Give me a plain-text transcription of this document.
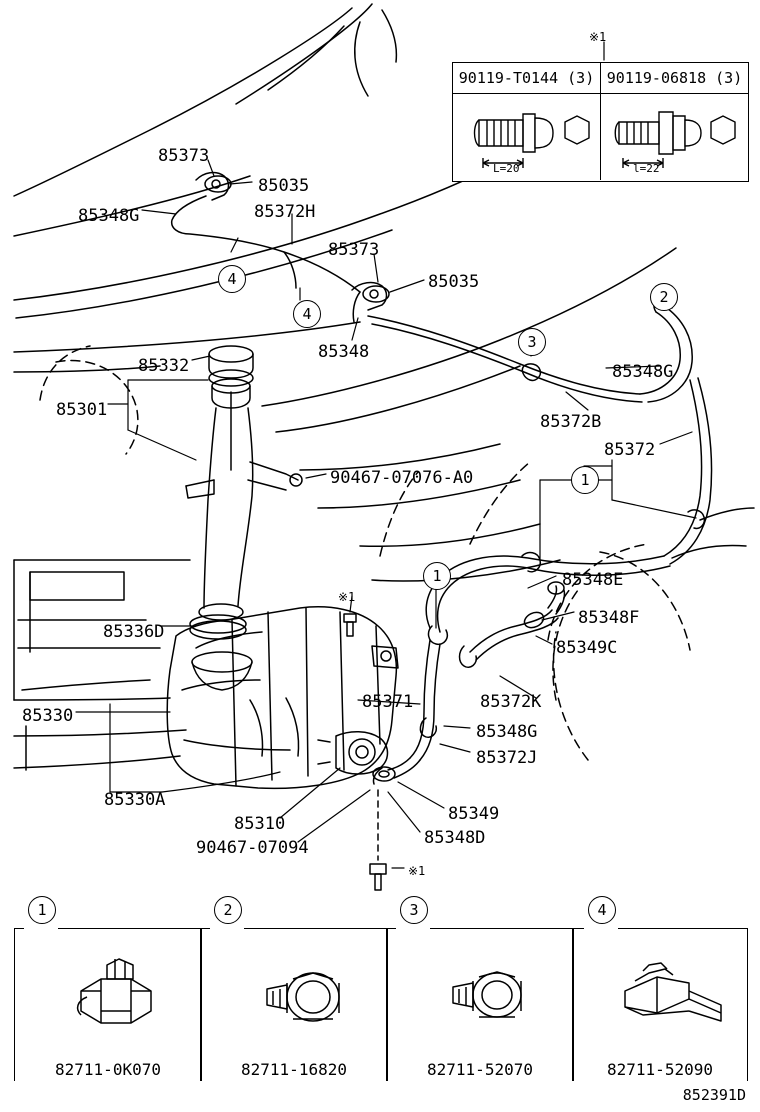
90119-T0144 (3) 90119-06818 (3)
L=20	l=22
85373
85035
85348G	85372H
85373
85035
85348
85348G
85372B
85372
85332
85301
90467-07076-A0
85336D
85330
85371
85348E
85348F
85349C
85372K
85348G
85372J
85330A
85310
90467-07094
85349
85348D
4
4
3
2
1
1
※1
※1
※1
82711-0K070	82711-16820	82711-52070	82711-52090
1	2	3	4
852391D
